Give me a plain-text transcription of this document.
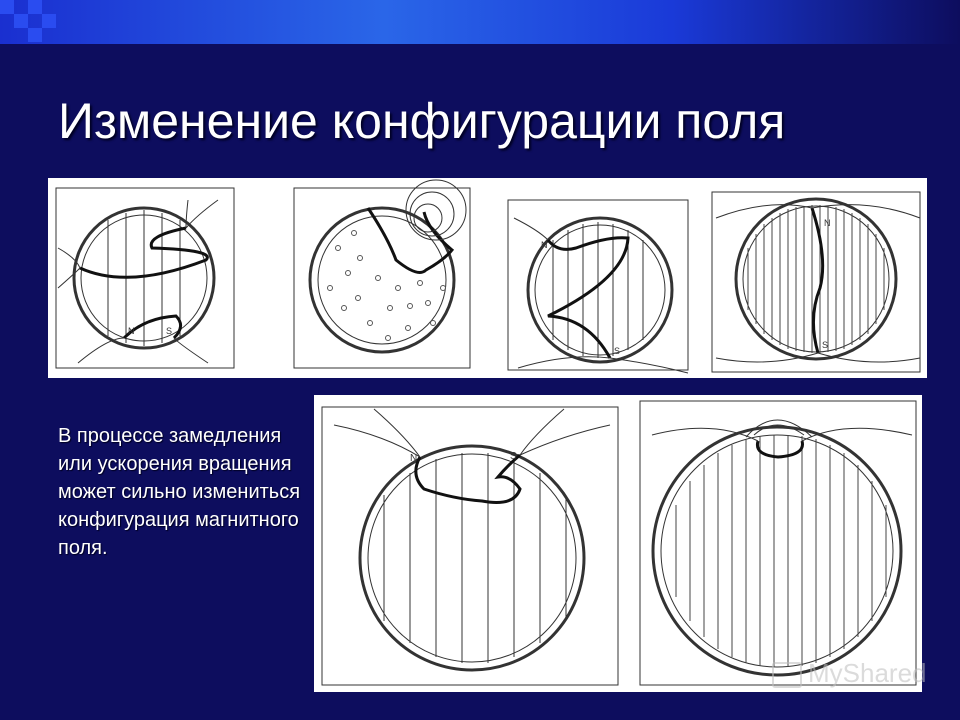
Изменение конфигурации поля
N	S
N
S
N
S

В процессе замедления или ускорения вращения может сильно измениться конфигурация магнитного поля.

N	S
MyShared
